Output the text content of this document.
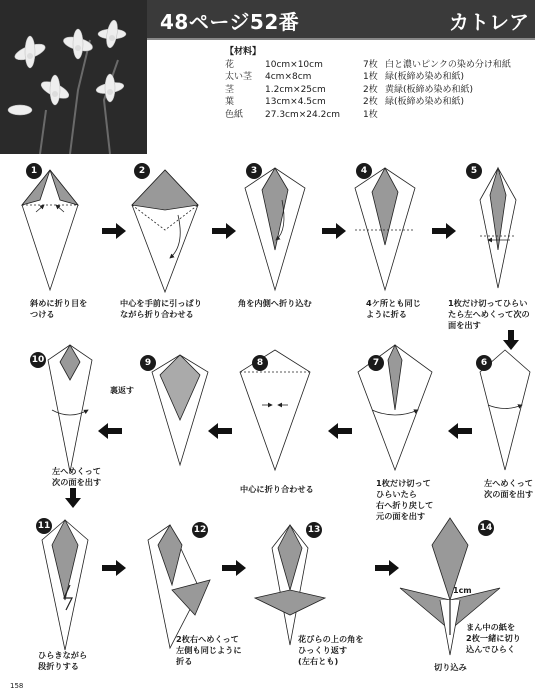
48ページ52番	カトレア
【材料】
花	10cm×10cm	7枚 白と濃いピンクの染め分け和紙
太い茎 4cm×8cm	1枚 緑(板締め染め和紙)
茎	1.2cm×25cm	2枚 黄緑(板締め染め和紙)
葉	13cm×4.5cm	2枚 緑(板締め染め和紙)
色紙 27.3cm×24.2cm	1枚
1	2	3	4	5
6
7
8
9
10
11	12	13	14
斜めに折り目を
つける
中心を手前に引っぱり
ながら折り合わせる
角を内側へ折り込む	4ケ所とも同じ
ように折る
1枚だけ切ってひらい
たら左へめくって次の
面を出す
左へめくって
次の面を出す
1枚だけ切って
ひらいたら
右へ折り戻して
元の面を出す
中心に折り合わせる
左へめくって
次の面を出す
ひらきながら
段折りする
2枚右へめくって
左側も同じように
折る
花びらの上の角を
ひっくり返す
(左右とも)
まん中の紙を
2枚一緒に切り
込んでひらく
切り込み
裏返す
1cm
158
